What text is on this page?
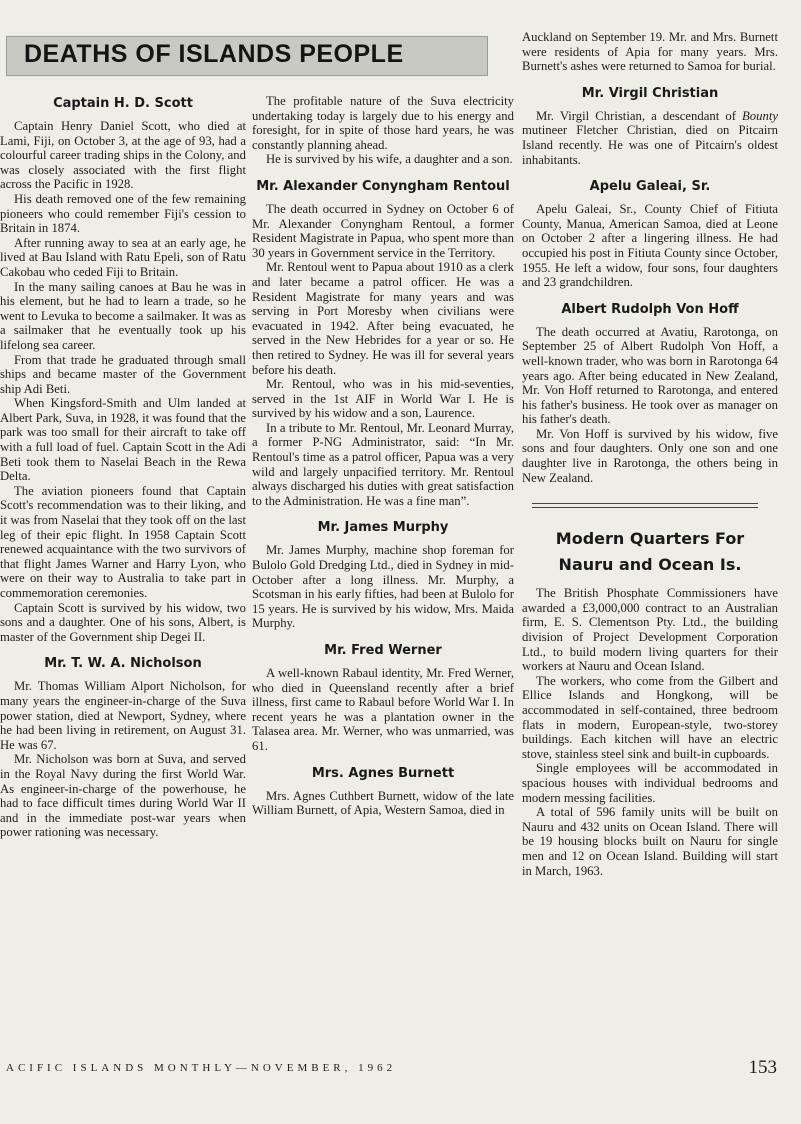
DEATHS OF ISLANDS PEOPLE

Captain H. D. Scott

Captain Henry Daniel Scott, who died at Lami, Fiji, on October 3, at the age of 93, had a colourful career trading ships in the Colony, and was closely associated with the first flight across the Pacific in 1928.

His death removed one of the few remaining pioneers who could remember Fiji's cession to Britain in 1874.

After running away to sea at an early age, he lived at Bau Island with Ratu Epeli, son of Ratu Cakobau who ceded Fiji to Britain.

In the many sailing canoes at Bau he was in his element, but he had to learn a trade, so he went to Levuka to become a sailmaker. It was as a sailmaker that he eventually took up his lifelong sea career.

From that trade he graduated through small ships and became master of the Government ship Adi Beti.

When Kingsford-Smith and Ulm landed at Albert Park, Suva, in 1928, it was found that the park was too small for their aircraft to take off with a full load of fuel. Captain Scott in the Adi Beti took them to Naselai Beach in the Rewa Delta.

The aviation pioneers found that Captain Scott's recommendation was to their liking, and it was from Naselai that they took off on the last leg of their epic flight. In 1958 Captain Scott renewed acquaintance with the two survivors of that flight James Warner and Harry Lyon, who were on their way to Australia to take part in commemoration ceremonies.

Captain Scott is survived by his widow, two sons and a daughter. One of his sons, Albert, is master of the Government ship Degei II.

Mr. T. W. A. Nicholson

Mr. Thomas William Alport Nicholson, for many years the engineer-in-charge of the Suva power station, died at Newport, Sydney, where he had been living in retirement, on August 31. He was 67.

Mr. Nicholson was born at Suva, and served in the Royal Navy during the first World War. As engineer-in-charge of the powerhouse, he had to face difficult times during World War II and in the immediate post-war years when power rationing was necessary.

The profitable nature of the Suva electricity undertaking today is largely due to his energy and foresight, for in spite of those hard years, he was constantly planning ahead.

He is survived by his wife, a daughter and a son.

Mr. Alexander Conyngham Rentoul

The death occurred in Sydney on October 6 of Mr. Alexander Conyngham Rentoul, a former Resident Magistrate in Papua, who spent more than 30 years in Government service in the Territory.

Mr. Rentoul went to Papua about 1910 as a clerk and later became a patrol officer. He was a Resident Magistrate for many years and was serving in Port Moresby when civilians were evacuated in 1942. After being evacuated, he served in the New Hebrides for a year or so. He then retired to Sydney. He was ill for several years before his death.

Mr. Rentoul, who was in his mid-seventies, served in the 1st AIF in World War I. He is survived by his widow and a son, Laurence.

In a tribute to Mr. Rentoul, Mr. Leonard Murray, a former P-NG Administrator, said: “In Mr. Rentoul's time as a patrol officer, Papua was a very wild and largely unpacified territory. Mr. Rentoul always discharged his duties with great satisfaction to the Administration. He was a fine man”.

Mr. James Murphy

Mr. James Murphy, machine shop foreman for Bulolo Gold Dredging Ltd., died in Sydney in mid-October after a long illness. Mr. Murphy, a Scotsman in his early fifties, had been at Bulolo for 15 years. He is survived by his widow, Mrs. Maida Murphy.

Mr. Fred Werner

A well-known Rabaul identity, Mr. Fred Werner, who died in Queensland recently after a brief illness, first came to Rabaul before World War I. In recent years he was a plantation owner in the Talasea area. Mr. Werner, who was unmarried, was 61.

Mrs. Agnes Burnett

Mrs. Agnes Cuthbert Burnett, widow of the late William Burnett, of Apia, Western Samoa, died in

Auckland on September 19. Mr. and Mrs. Burnett were residents of Apia for many years. Mrs. Burnett's ashes were returned to Samoa for burial.

Mr. Virgil Christian

Mr. Virgil Christian, a descendant of Bounty mutineer Fletcher Christian, died on Pitcairn Island recently. He was one of Pitcairn's oldest inhabitants.

Apelu Galeai, Sr.

Apelu Galeai, Sr., County Chief of Fitiuta County, Manua, American Samoa, died at Leone on October 2 after a lingering illness. He had occupied his post in Fitiuta County since October, 1955. He left a widow, four sons, four daughters and 23 grandchildren.

Albert Rudolph Von Hoff

The death occurred at Avatiu, Rarotonga, on September 25 of Albert Rudolph Von Hoff, a well-known trader, who was born in Rarotonga 64 years ago. After being educated in New Zealand, Mr. Von Hoff returned to Rarotonga, and entered his father's business. He took over as manager on his father's death.

Mr. Von Hoff is survived by his widow, five sons and four daughters. Only one son and one daughter live in Rarotonga, the others being in New Zealand.

Modern Quarters For

Nauru and Ocean Is.

The British Phosphate Commissioners have awarded a £3,000,000 contract to an Australian firm, E. S. Clementson Pty. Ltd., the building division of Project Development Corporation Ltd., to build modern living quarters for their workers at Nauru and Ocean Island.

The workers, who come from the Gilbert and Ellice Islands and Hongkong, will be accommodated in self-contained, three bedroom flats in modern, European-style, two-storey buildings. Each kitchen will have an electric stove, stainless steel sink and built-in cupboards.

Single employees will be accommodated in spacious houses with individual bedrooms and modern messing facilities.

A total of 596 family units will be built on Nauru and 432 units on Ocean Island. There will be 19 housing blocks built on Nauru for single men and 12 on Ocean Island. Building will start in March, 1963.

ACIFIC ISLANDS MONTHLY—NOVEMBER, 1962	153
